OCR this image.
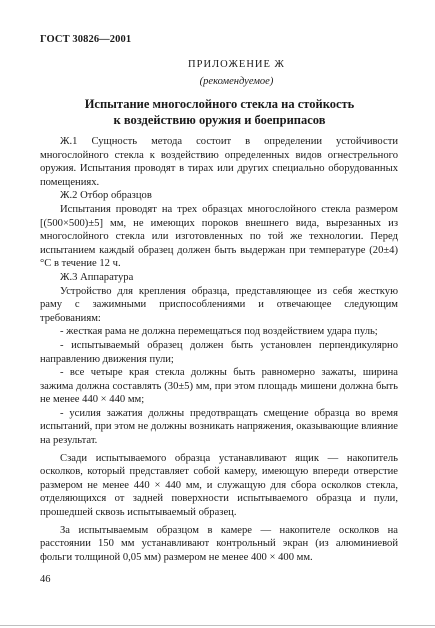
ГОСТ 30826—2001
ПРИЛОЖЕНИЕ Ж
(рекомендуемое)
Испытание многослойного стекла на стойкость
к воздействию оружия и боеприпасов

Ж.1 Сущность метода состоит в определении устойчивости многослойного стекла к воздействию определенных видов огнестрельного оружия. Испытания проводят в тирах или других специально оборудованных помещениях.

Ж.2 Отбор образцов

Испытания проводят на трех образцах многослойного стекла размером [(500×500)±5] мм, не имеющих пороков внешнего вида, вырезанных из многослойного стекла или изготовленных по той же технологии. Перед испытанием каждый образец должен быть выдержан при температуре (20±4) °С в течение 12 ч.

Ж.3 Аппаратура

Устройство для крепления образца, представляющее из себя жесткую раму с зажимными приспособлениями и отвечающее следующим требованиям:

- жесткая рама не должна перемещаться под воздействием удара пуль;

- испытываемый образец должен быть установлен перпендикулярно направлению движения пули;

- все четыре края стекла должны быть равномерно зажаты, ширина зажима должна составлять (30±5) мм, при этом площадь мишени должна быть не менее 440 × 440 мм;

- усилия зажатия должны предотвращать смещение образца во время испытаний, при этом не должны возникать напряжения, оказывающие влияние на результат.

Сзади испытываемого образца устанавливают ящик — накопитель осколков, который представляет собой камеру, имеющую впереди отверстие размером не менее 440 × 440 мм, и служащую для сбора осколков стекла, отделяющихся от задней поверхности испытываемого образца и пули, прошедшей сквозь испытываемый образец.

За испытываемым образцом в камере — накопителе осколков на расстоянии 150 мм устанавливают контрольный экран (из алюминиевой фольги толщиной 0,05 мм) размером не менее 400 × 400 мм.

46
